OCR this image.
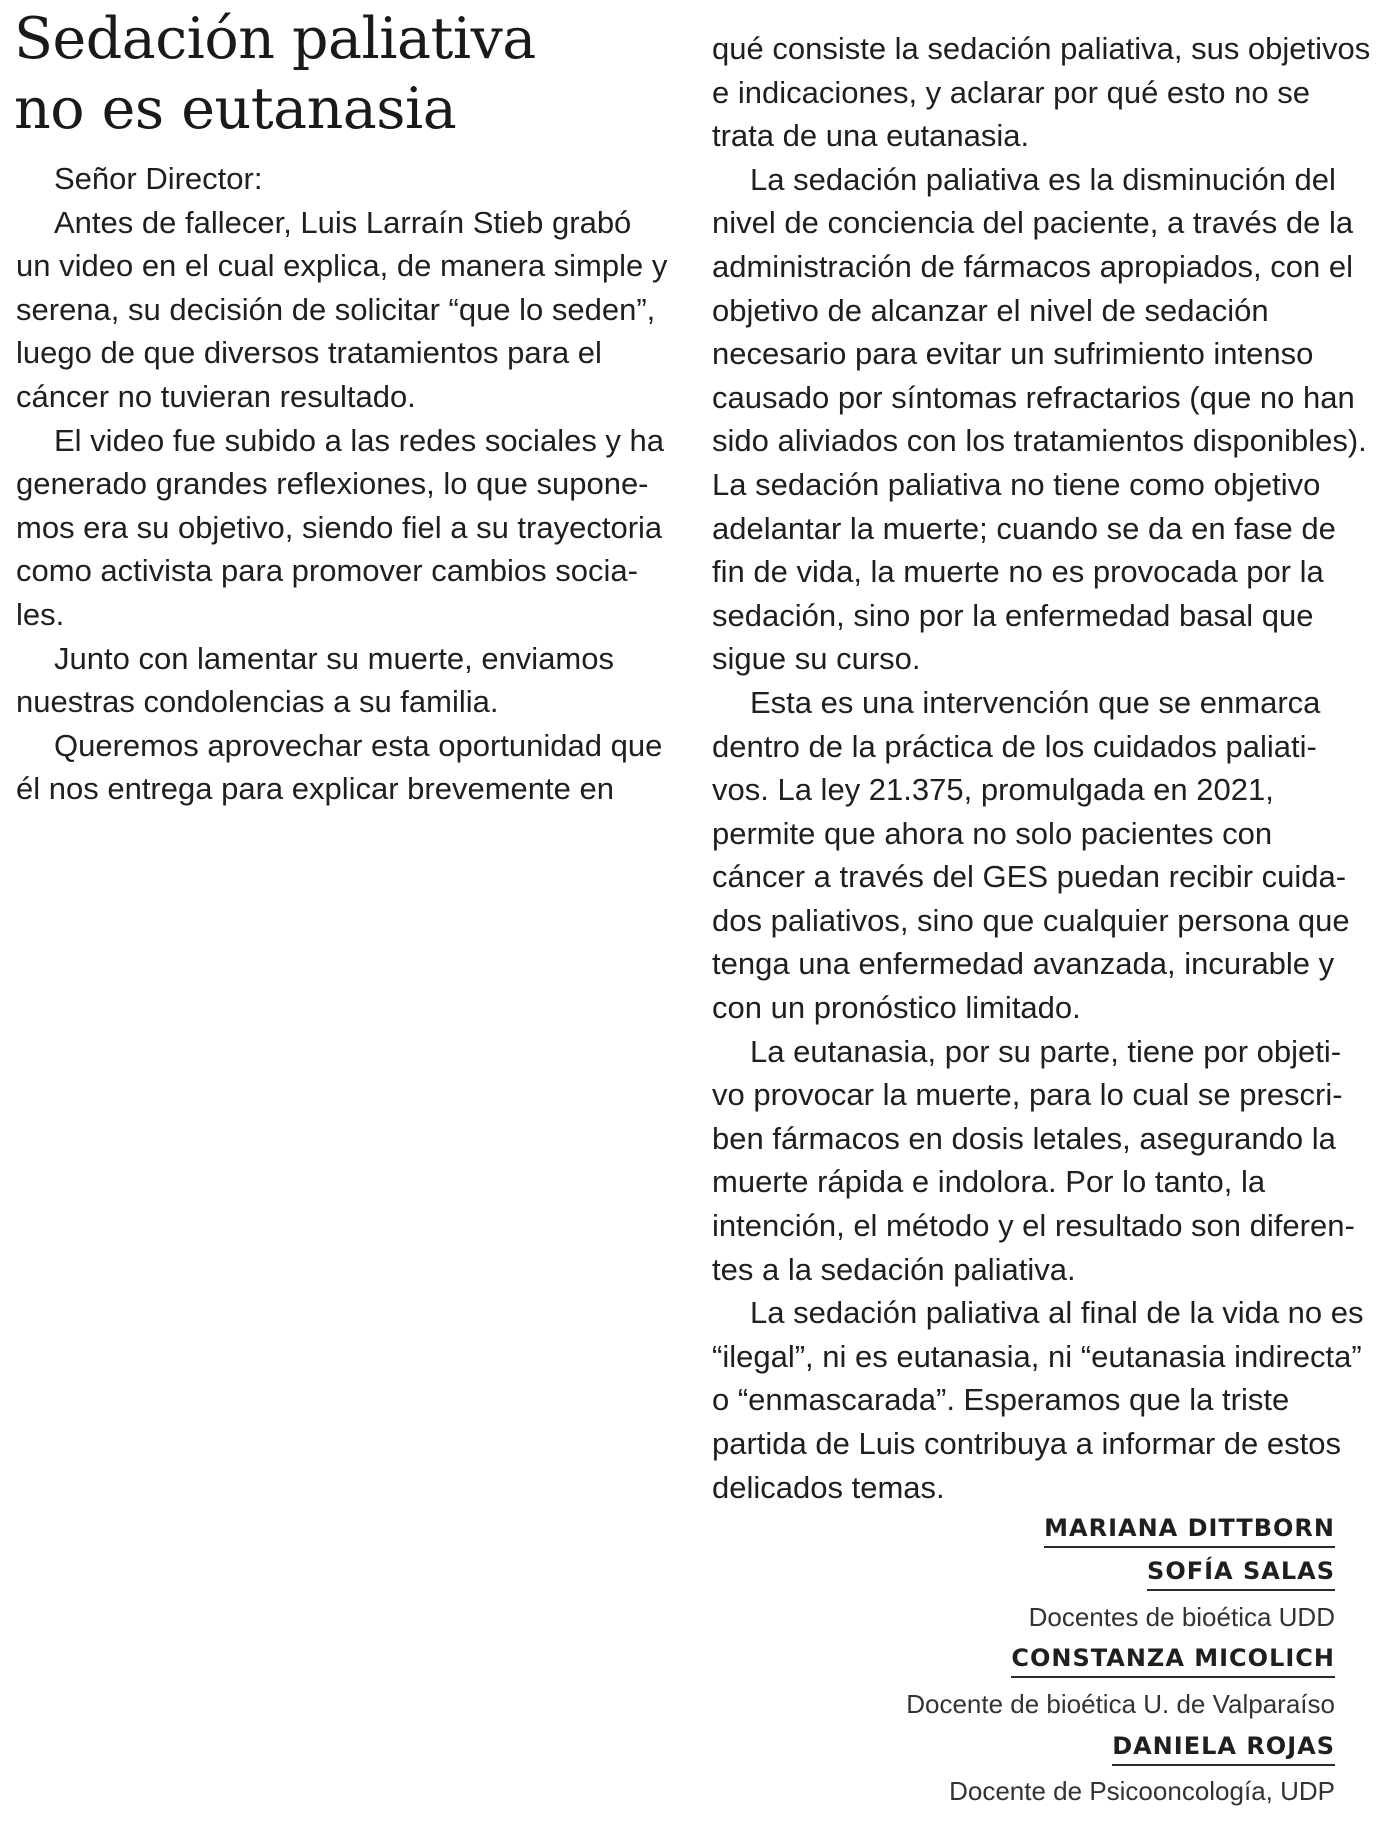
Sedación paliativa
no es eutanasia
Señor Director:
Antes de fallecer, Luis Larraín Stieb grabó
un video en el cual explica, de manera simple y
serena, su decisión de solicitar “que lo seden”,
luego de que diversos tratamientos para el
cáncer no tuvieran resultado.
El video fue subido a las redes sociales y ha
generado grandes reflexiones, lo que supone-
mos era su objetivo, siendo fiel a su trayectoria
como activista para promover cambios socia-
les.
Junto con lamentar su muerte, enviamos
nuestras condolencias a su familia.
Queremos aprovechar esta oportunidad que
él nos entrega para explicar brevemente en
qué consiste la sedación paliativa, sus objetivos
e indicaciones, y aclarar por qué esto no se
trata de una eutanasia.
La sedación paliativa es la disminución del
nivel de conciencia del paciente, a través de la
administración de fármacos apropiados, con el
objetivo de alcanzar el nivel de sedación
necesario para evitar un sufrimiento intenso
causado por síntomas refractarios (que no han
sido aliviados con los tratamientos disponibles).
La sedación paliativa no tiene como objetivo
adelantar la muerte; cuando se da en fase de
fin de vida, la muerte no es provocada por la
sedación, sino por la enfermedad basal que
sigue su curso.
Esta es una intervención que se enmarca
dentro de la práctica de los cuidados paliati-
vos. La ley 21.375, promulgada en 2021,
permite que ahora no solo pacientes con
cáncer a través del GES puedan recibir cuida-
dos paliativos, sino que cualquier persona que
tenga una enfermedad avanzada, incurable y
con un pronóstico limitado.
La eutanasia, por su parte, tiene por objeti-
vo provocar la muerte, para lo cual se prescri-
ben fármacos en dosis letales, asegurando la
muerte rápida e indolora. Por lo tanto, la
intención, el método y el resultado son diferen-
tes a la sedación paliativa.
La sedación paliativa al final de la vida no es
“ilegal”, ni es eutanasia, ni “eutanasia indirecta”
o “enmascarada”. Esperamos que la triste
partida de Luis contribuya a informar de estos
delicados temas.
MARIANA DITTBORN
SOFÍA SALAS
Docentes de bioética UDD
CONSTANZA MICOLICH
Docente de bioética U. de Valparaíso
DANIELA ROJAS
Docente de Psicooncología, UDP
